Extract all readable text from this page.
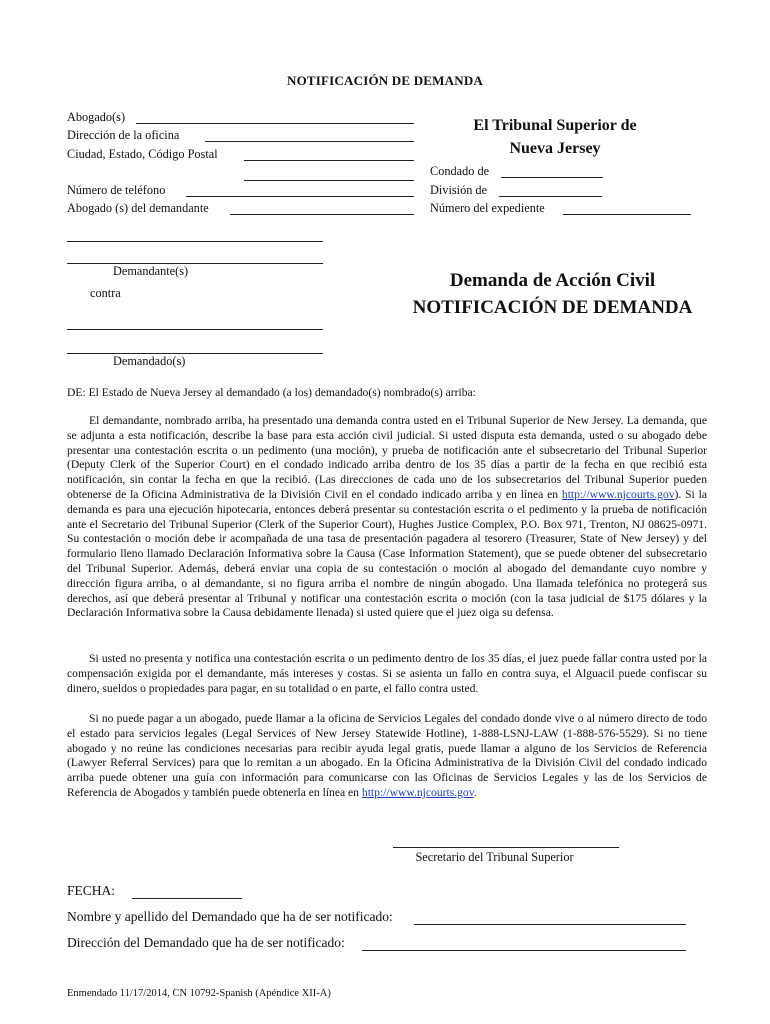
NOTIFICACIÓN DE DEMANDA
Abogado(s)
Dirección de la oficina
Ciudad, Estado, Código Postal
Número de teléfono
Abogado (s) del demandante
El Tribunal Superior de
Nueva Jersey
Condado de
División de
Número del expediente
Demandante(s)
contra
Demandado(s)
Demanda de Acción Civil
NOTIFICACIÓN DE DEMANDA
DE: El Estado de Nueva Jersey al demandado (a los) demandado(s) nombrado(s) arriba:

El demandante, nombrado arriba, ha presentado una demanda contra usted en el Tribunal Superior de New Jersey. La demanda, que se adjunta a esta notificación, describe la base para esta acción civil judicial. Si usted disputa esta demanda, usted o su abogado debe presentar una contestación escrita o un pedimento (una moción), y prueba de notificación ante el subsecretario del Tribunal Superior (Deputy Clerk of the Superior Court) en el condado indicado arriba dentro de los 35 días a partir de la fecha en que recibió esta notificación, sin contar la fecha en que la recibió. (Las direcciones de cada uno de los subsecretarios del Tribunal Superior pueden obtenerse de la Oficina Administrativa de la División Civil en el condado indicado arriba y en línea en http://www.njcourts.gov). Si la demanda es para una ejecución hipotecaria, entonces deberá presentar su contestación escrita o el pedimento y la prueba de notificación ante el Secretario del Tribunal Superior (Clerk of the Superior Court), Hughes Justice Complex, P.O. Box 971, Trenton, NJ 08625-0971. Su contestación o moción debe ir acompañada de una tasa de presentación pagadera al tesorero (Treasurer, State of New Jersey) y del formulario lleno llamado Declaración Informativa sobre la Causa (Case Information Statement), que se puede obtener del subsecretario del Tribunal Superior. Además, deberá enviar una copia de su contestación o moción al abogado del demandante cuyo nombre y dirección figura arriba, o al demandante, si no figura arriba el nombre de ningún abogado. Una llamada telefónica no protegerá sus derechos, así que deberá presentar al Tribunal y notificar una contestación escrita o moción (con la tasa judicial de $175 dólares y la Declaración Informativa sobre la Causa debidamente llenada) si usted quiere que el juez oiga su defensa.

Si usted no presenta y notifica una contestación escrita o un pedimento dentro de los 35 días, el juez puede fallar contra usted por la compensación exigida por el demandante, más intereses y costas. Si se asienta un fallo en contra suya, el Alguacil puede confiscar su dinero, sueldos o propiedades para pagar, en su totalidad o en parte, el fallo contra usted.

Si no puede pagar a un abogado, puede llamar a la oficina de Servicios Legales del condado donde vive o al número directo de todo el estado para servicios legales (Legal Services of New Jersey Statewide Hotline), 1-888-LSNJ-LAW (1-888-576-5529). Si no tiene abogado y no reúne las condiciones necesarias para recibir ayuda legal gratis, puede llamar a alguno de los Servicios de Referencia (Lawyer Referral Services) para que lo remitan a un abogado. En la Oficina Administrativa de la División Civil del condado indicado arriba puede obtener una guía con información para comunicarse con las Oficinas de Servicios Legales y las de los Servicios de Referencia de Abogados y también puede obtenerla en línea en http://www.njcourts.gov.

Secretario del Tribunal Superior
FECHA:
Nombre y apellido del Demandado que ha de ser notificado:
Dirección del Demandado que ha de ser notificado:
Enmendado 11/17/2014, CN 10792-Spanish (Apéndice XII-A)
